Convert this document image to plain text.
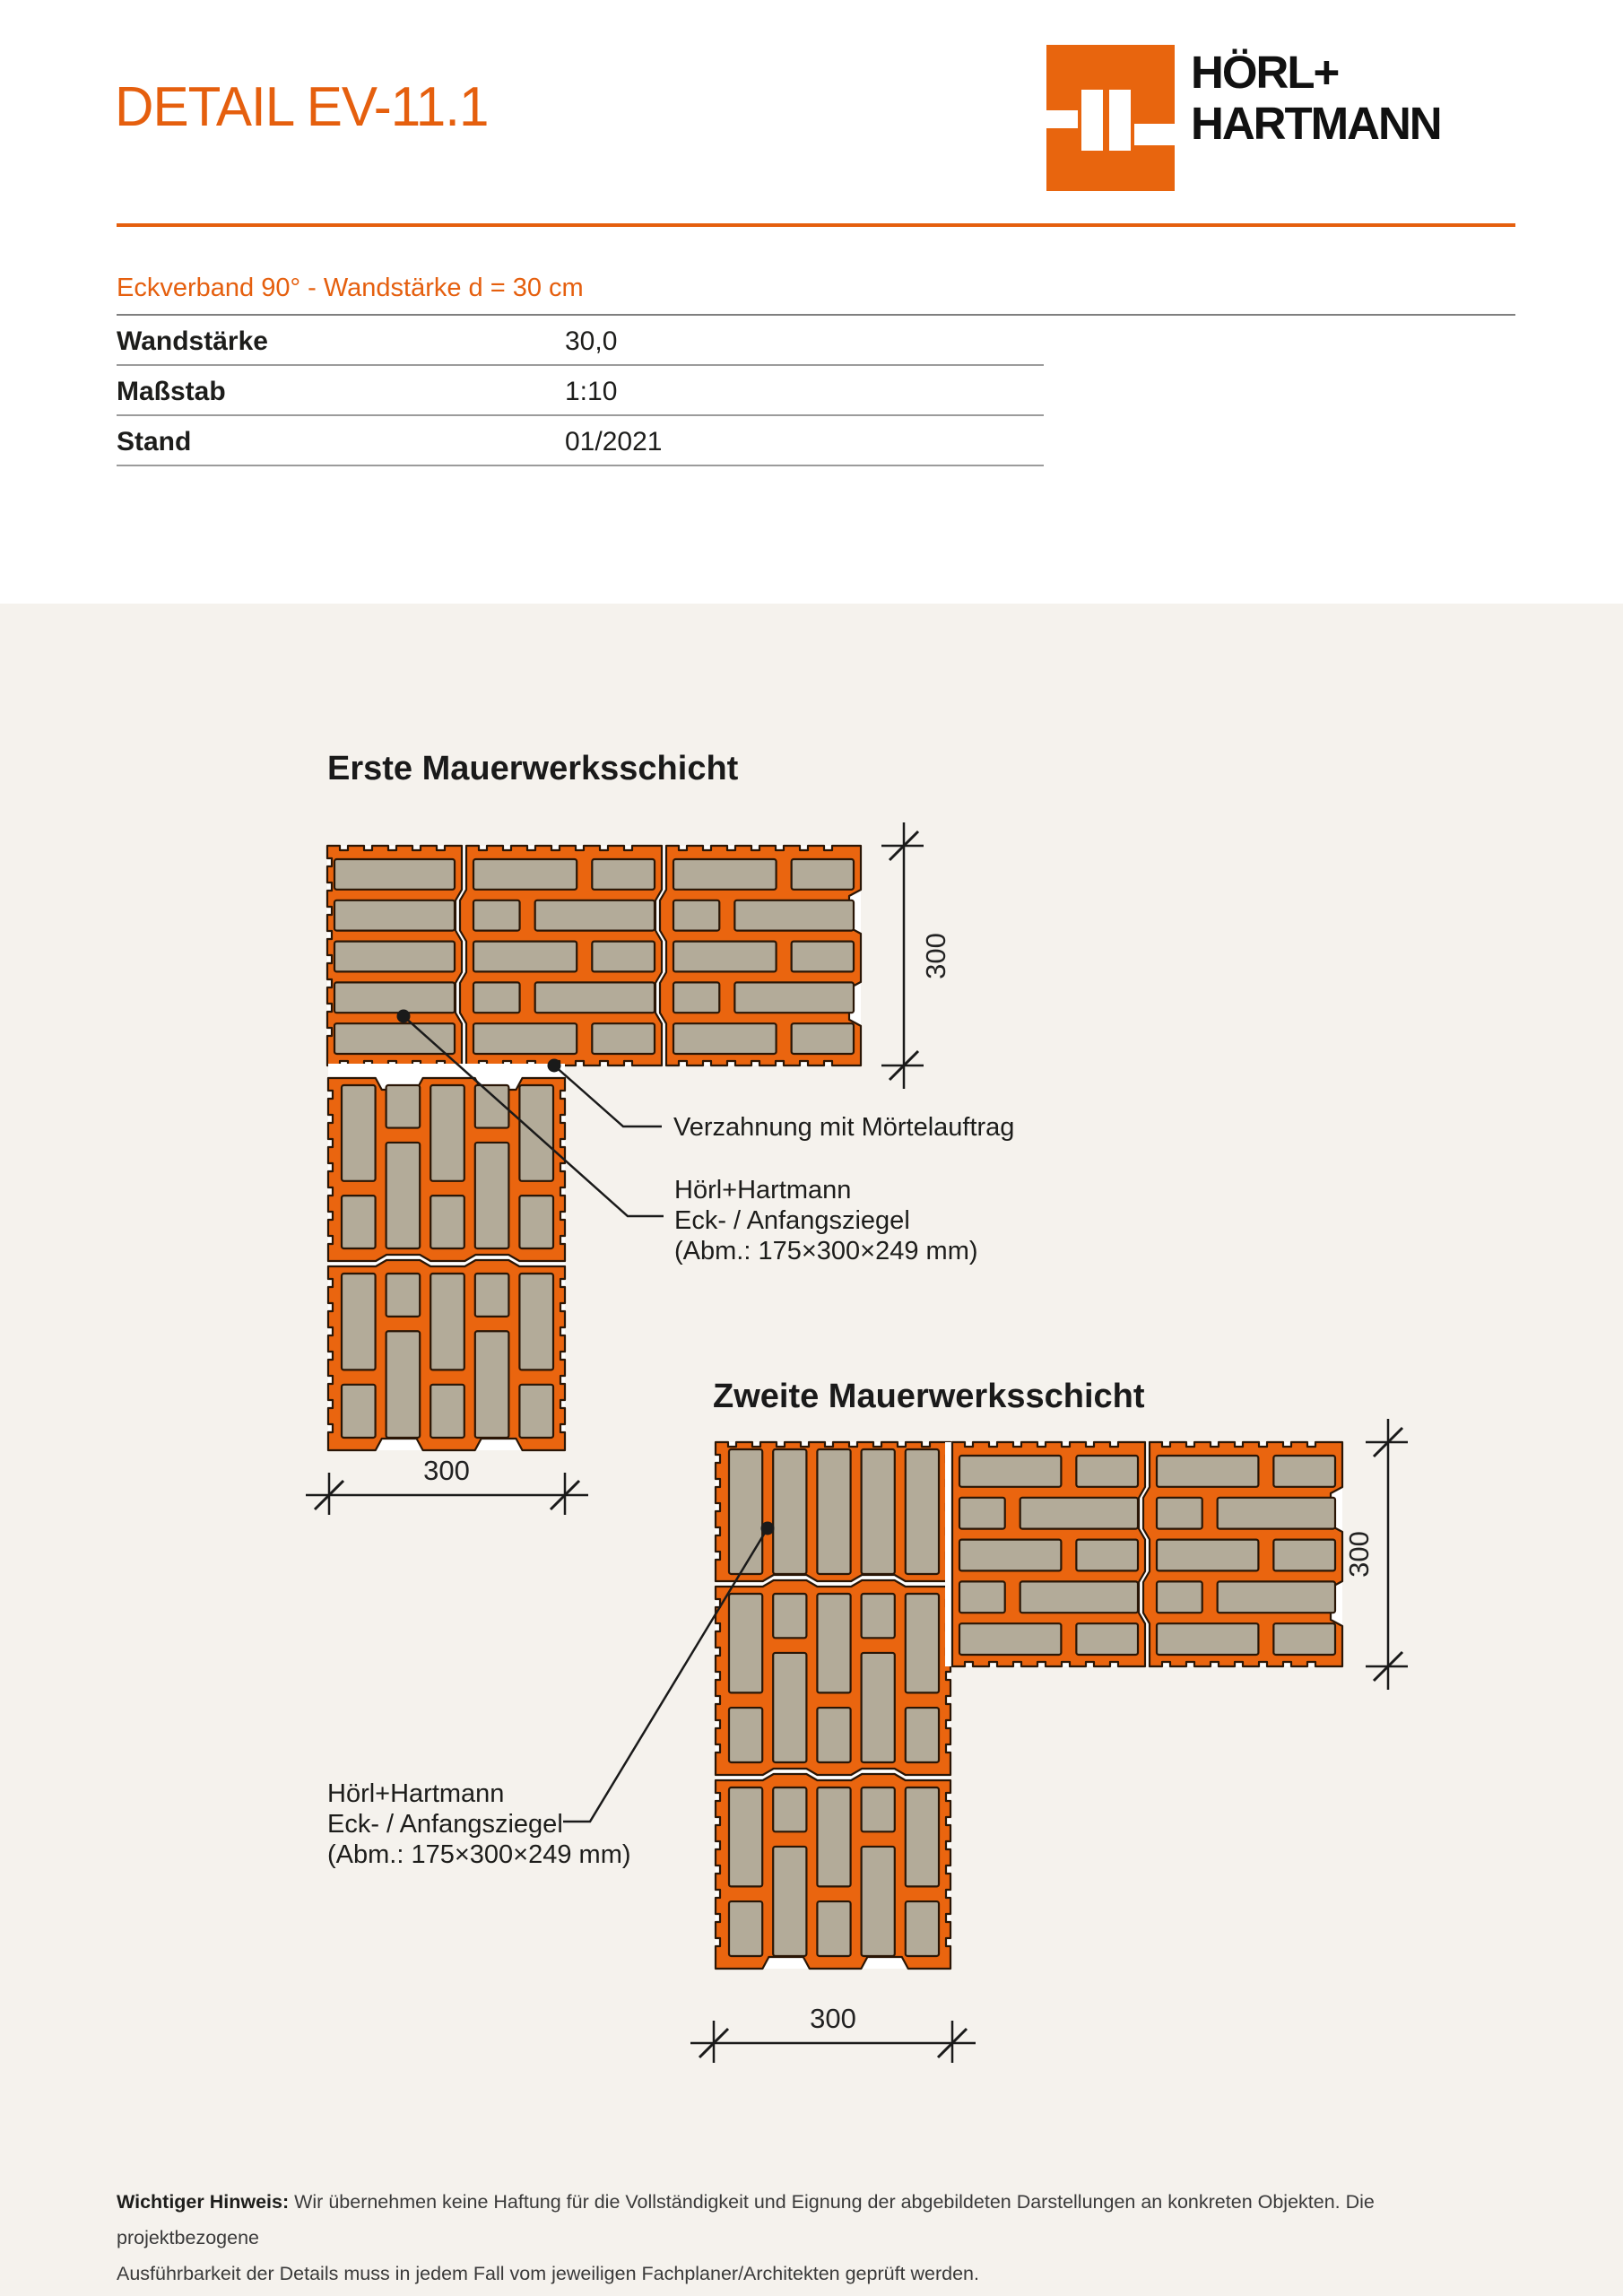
DETAIL EV-11.1
HÖRL+
HARTMANN
Eckverband 90° - Wandstärke d = 30 cm
Wandstärke	30,0
Maßstab	1:10
Stand	01/2021
Erste Mauerwerksschicht
Zweite Mauerwerksschicht
Verzahnung mit Mörtelauftrag
Hörl+Hartmann
Eck- / Anfangsziegel
(Abm.: 175×300×249 mm)
Hörl+Hartmann
Eck- / Anfangsziegel
(Abm.: 175×300×249 mm)
300
300
300
300
Wichtiger Hinweis: Wir übernehmen keine Haftung für die Vollständigkeit und Eignung der abgebildeten Darstellungen an konkreten Objekten. Die projektbezogene
Ausführbarkeit der Details muss in jedem Fall vom jeweiligen Fachplaner/Architekten geprüft werden.
